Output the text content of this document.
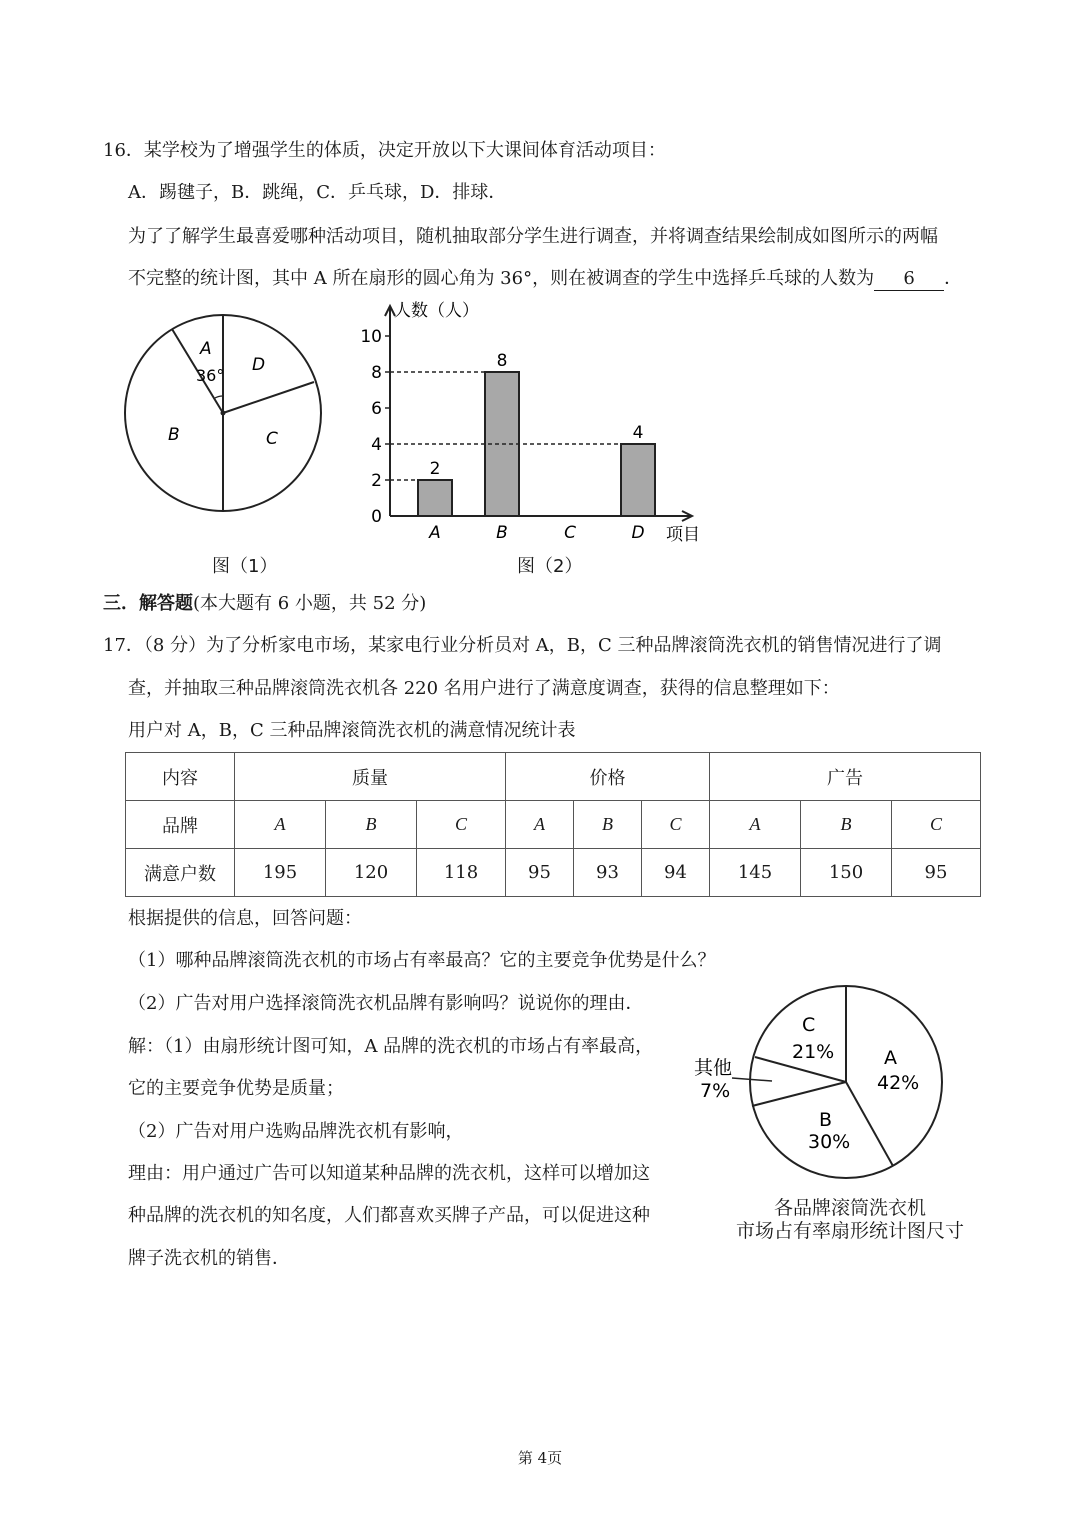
16．某学校为了增强学生的体质，决定开放以下大课间体育活动项目：
A．踢毽子，B．跳绳，C．乒乓球，D．排球．
为了了解学生最喜爱哪种活动项目，随机抽取部分学生进行调查，并将调查结果绘制成如图所示的两幅
不完整的统计图，其中 A 所在扇形的圆心角为 36°，则在被调查的学生中选择乒乓球的人数为 6 ．
A
36°
D
B	C
图（1）
人数（人）
项目
0
2
4
6
8
10
A	B	C	D
2
8
4
图（2）
三．解答题(本大题有 6 小题，共 52 分)
17．（8 分）为了分析家电市场，某家电行业分析员对 A，B，C 三种品牌滚筒洗衣机的销售情况进行了调
查，并抽取三种品牌滚筒洗衣机各 220 名用户进行了满意度调查，获得的信息整理如下：
用户对 A，B，C 三种品牌滚筒洗衣机的满意情况统计表
内容	质量			价格			广告		
品牌	A	B	C	A	B	C	A	B	C
满意户数	195	120	118	95	93	94	145	150	95
根据提供的信息，回答问题：
（1）哪种品牌滚筒洗衣机的市场占有率最高？它的主要竞争优势是什么？
（2）广告对用户选择滚筒洗衣机品牌有影响吗？说说你的理由．
解：（1）由扇形统计图可知，A 品牌的洗衣机的市场占有率最高，
它的主要竞争优势是质量；
（2）广告对用户选购品牌洗衣机有影响，
理由：用户通过广告可以知道某种品牌的洗衣机，这样可以增加这
种品牌的洗衣机的知名度，人们都喜欢买牌子产品，可以促进这种
牌子洗衣机的销售．
C
21%	A
42%
B
30%
其他
7%
各品牌滚筒洗衣机
市场占有率扇形统计图尺寸
第 4页
